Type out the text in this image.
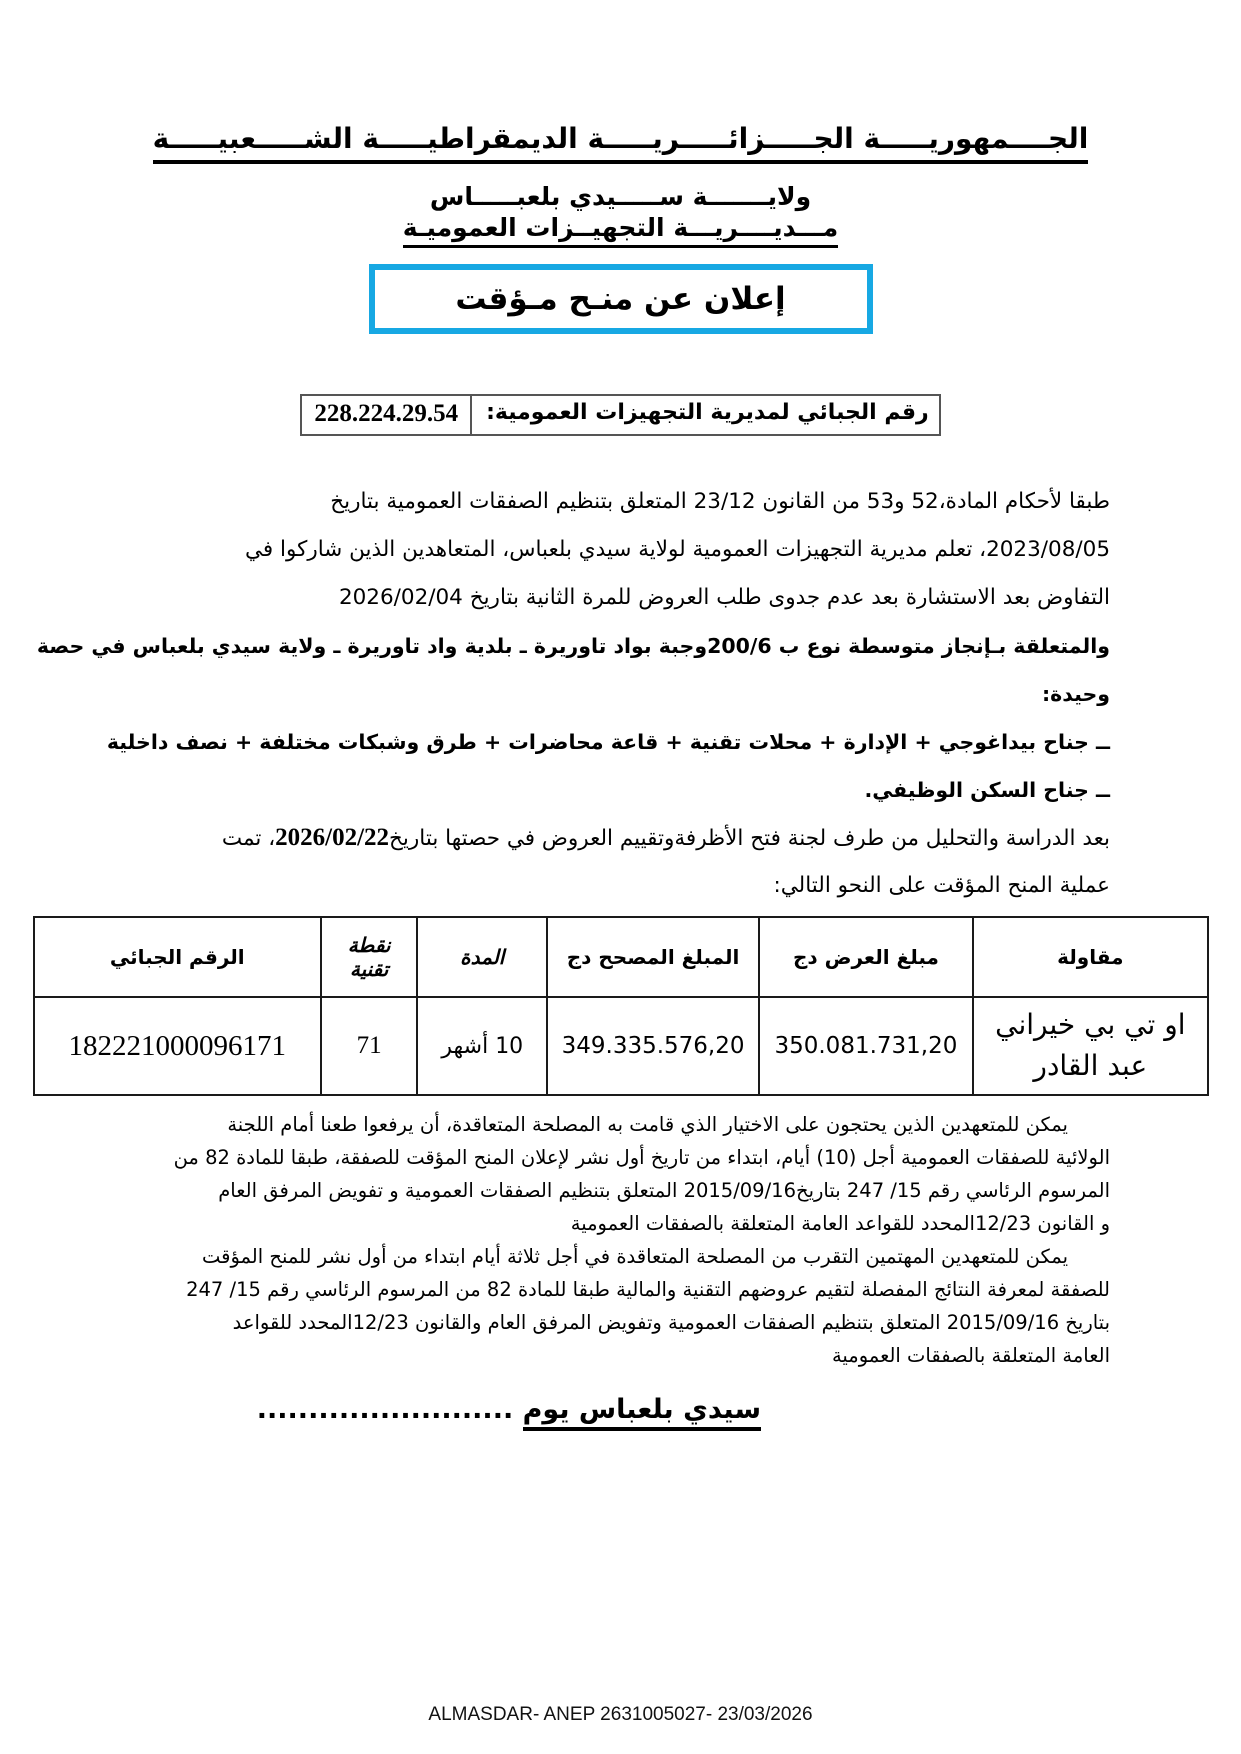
الجــــمهوريـــــة الجـــــزائـــــريـــــة الديمقراطيـــــة الشـــــعبيـــــة
ولايـــــــة ســـــيدي بلعبـــــاس
مـــديــــريـــة التجهيــزات العموميـة
إعلان عن منـح مـؤقت
رقم الجبائي لمديرية التجهيزات العمومية:
228.224.29.54
طبقا لأحكام المادة،52 و53 من القانون 23/12 المتعلق بتنظيم الصفقات العمومية بتاريخ
2023/08/05، تعلم مديرية التجهيزات العمومية لولاية سيدي بلعباس، المتعاهدين الذين شاركوا في
التفاوض بعد الاستشارة بعد عدم جدوى طلب العروض للمرة الثانية بتاريخ 2026/02/04
والمتعلقة بـإنجاز متوسطة نوع ب 200/6وجبة بواد تاوريرة ـ بلدية واد تاوريرة ـ ولاية سيدي بلعباس في حصة
وحيدة:
ــ جناح بيداغوجي + الإدارة + محلات تقنية + قاعة محاضرات + طرق وشبكات مختلفة + نصف داخلية
ــ جناح السكن الوظيفي.
بعد الدراسة والتحليل من طرف لجنة فتح الأظرفةوتقييم العروض في حصتها بتاريخ2026/02/22، تمت
عملية المنح المؤقت على النحو التالي:
مقاولة	مبلغ العرض دج	المبلغ المصحح دج	المدة	نقطة تقنية	الرقم الجبائي
او تي بي خيراني عبد القادر	350.081.731,20	349.335.576,20	10 أشهر	71	182221000096171
يمكن للمتعهدين الذين يحتجون على الاختيار الذي قامت به المصلحة المتعاقدة، أن يرفعوا طعنا أمام اللجنة
الولائية للصفقات العمومية أجل (10) أيام، ابتداء من تاريخ أول نشر لإعلان المنح المؤقت للصفقة، طبقا للمادة 82 من
المرسوم الرئاسي رقم 15/ 247 بتاريخ2015/09/16 المتعلق بتنظيم الصفقات العمومية و تفويض المرفق العام
و القانون 12/23المحدد للقواعد العامة المتعلقة بالصفقات العمومية
يمكن للمتعهدين المهتمين التقرب من المصلحة المتعاقدة في أجل ثلاثة أيام ابتداء من أول نشر للمنح المؤقت
للصفقة لمعرفة النتائج المفصلة لتقيم عروضهم التقنية والمالية طبقا للمادة 82 من المرسوم الرئاسي رقم 15/ 247
بتاريخ 2015/09/16 المتعلق بتنظيم الصفقات العمومية وتفويض المرفق العام والقانون 12/23المحدد للقواعد
العامة المتعلقة بالصفقات العمومية
سيدي بلعباس يوم .........................
ALMASDAR- ANEP 2631005027- 23/03/2026
